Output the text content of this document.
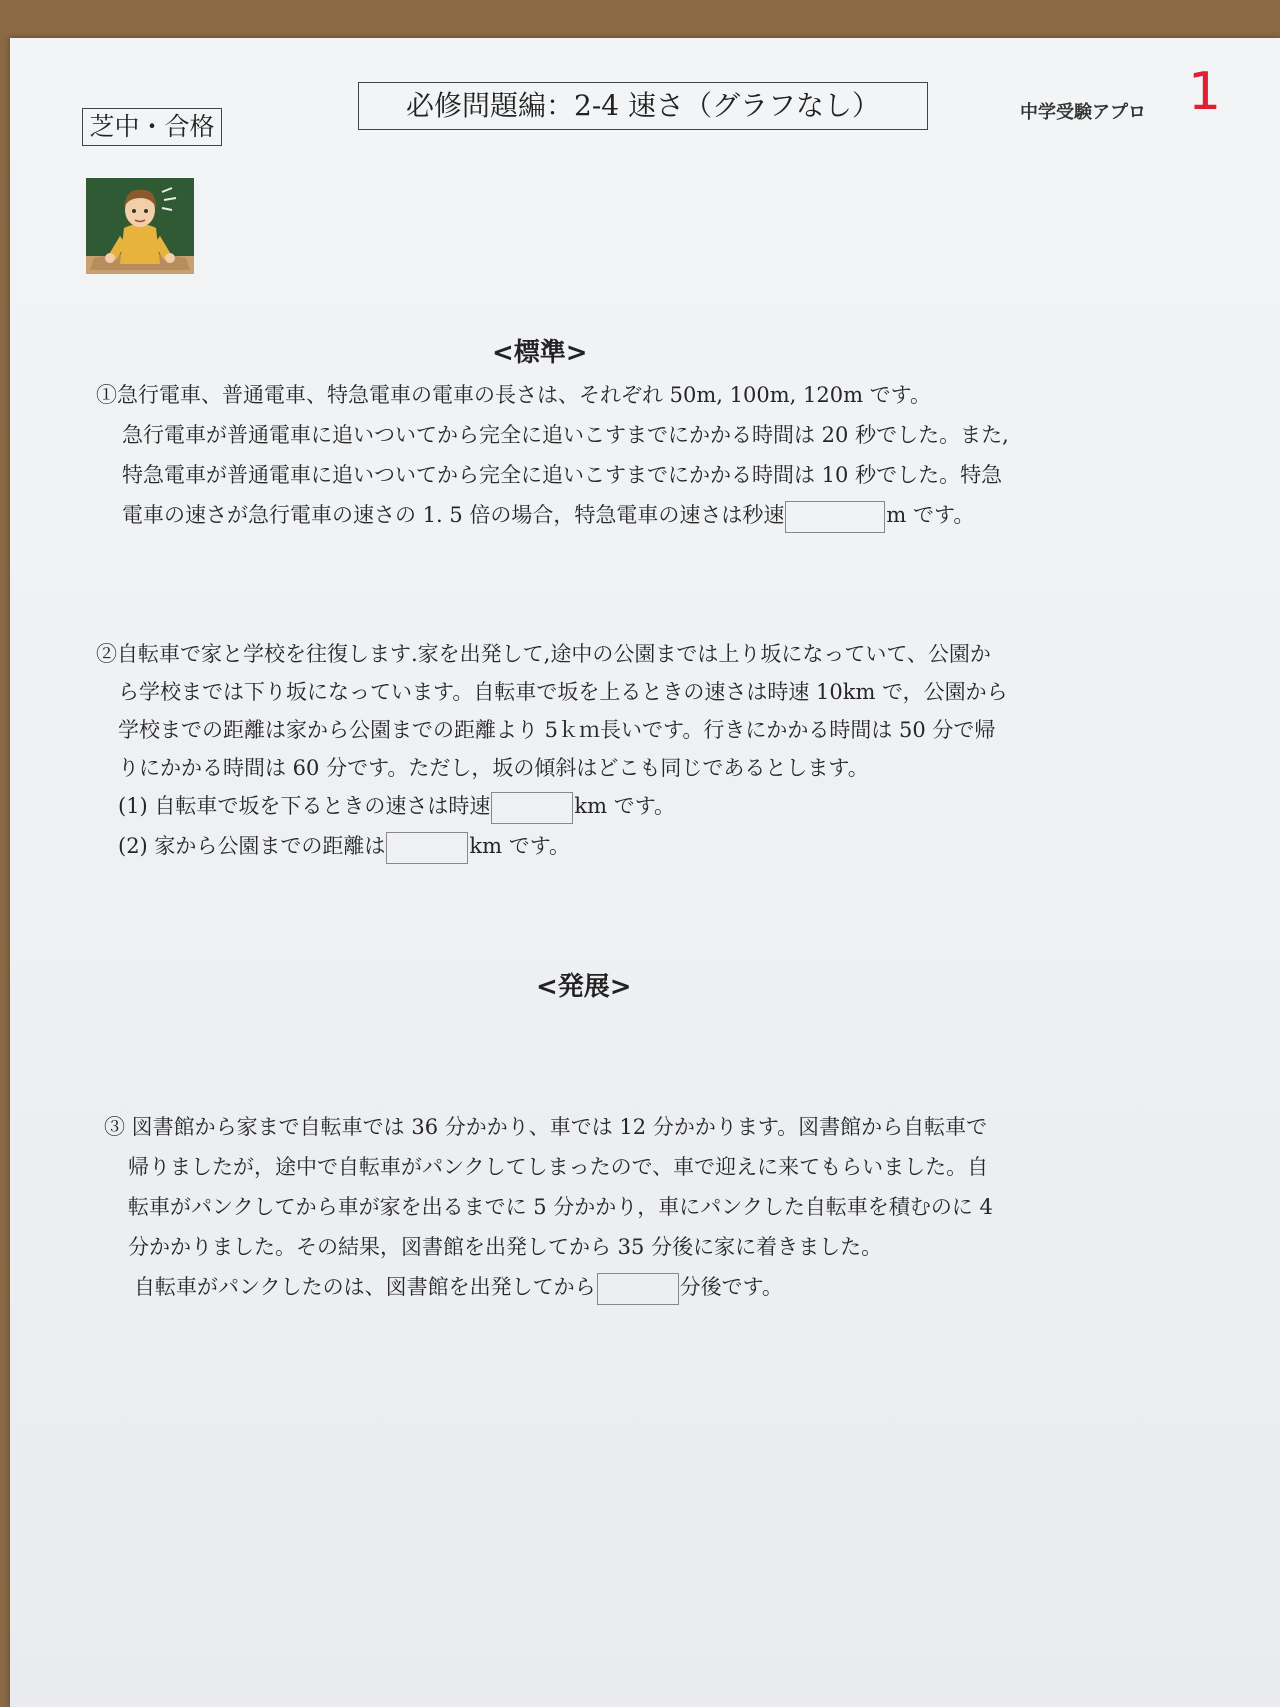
芝中・合格
必修問題編：2-4 速さ（グラフなし）	中学受験アプロ 1
<標準>
①急行電車、普通電車、特急電車の電車の長さは、それぞれ 50m, 100m, 120m です。
急行電車が普通電車に追いついてから完全に追いこすまでにかかる時間は 20 秒でした。また,
特急電車が普通電車に追いついてから完全に追いこすまでにかかる時間は 10 秒でした。特急
電車の速さが急行電車の速さの 1. 5 倍の場合，特急電車の速さは秒速	m です。
②自転車で家と学校を往復します.家を出発して,途中の公園までは上り坂になっていて、公園か
ら学校までは下り坂になっています。自転車で坂を上るときの速さは時速 10km で，公園から
学校までの距離は家から公園までの距離より 5ｋｍ長いです。行きにかかる時間は 50 分で帰
りにかかる時間は 60 分です。ただし，坂の傾斜はどこも同じであるとします。
(1) 自転車で坂を下るときの速さは時速	km です。
(2) 家から公園までの距離は	km です。
<発展>
③ 図書館から家まで自転車では 36 分かかり、車では 12 分かかります。図書館から自転車で
帰りましたが，途中で自転車がパンクしてしまったので、車で迎えに来てもらいました。自
転車がパンクしてから車が家を出るまでに 5 分かかり，車にパンクした自転車を積むのに 4
分かかりました。その結果，図書館を出発してから 35 分後に家に着きました。
自転車がパンクしたのは、図書館を出発してから	分後です。
